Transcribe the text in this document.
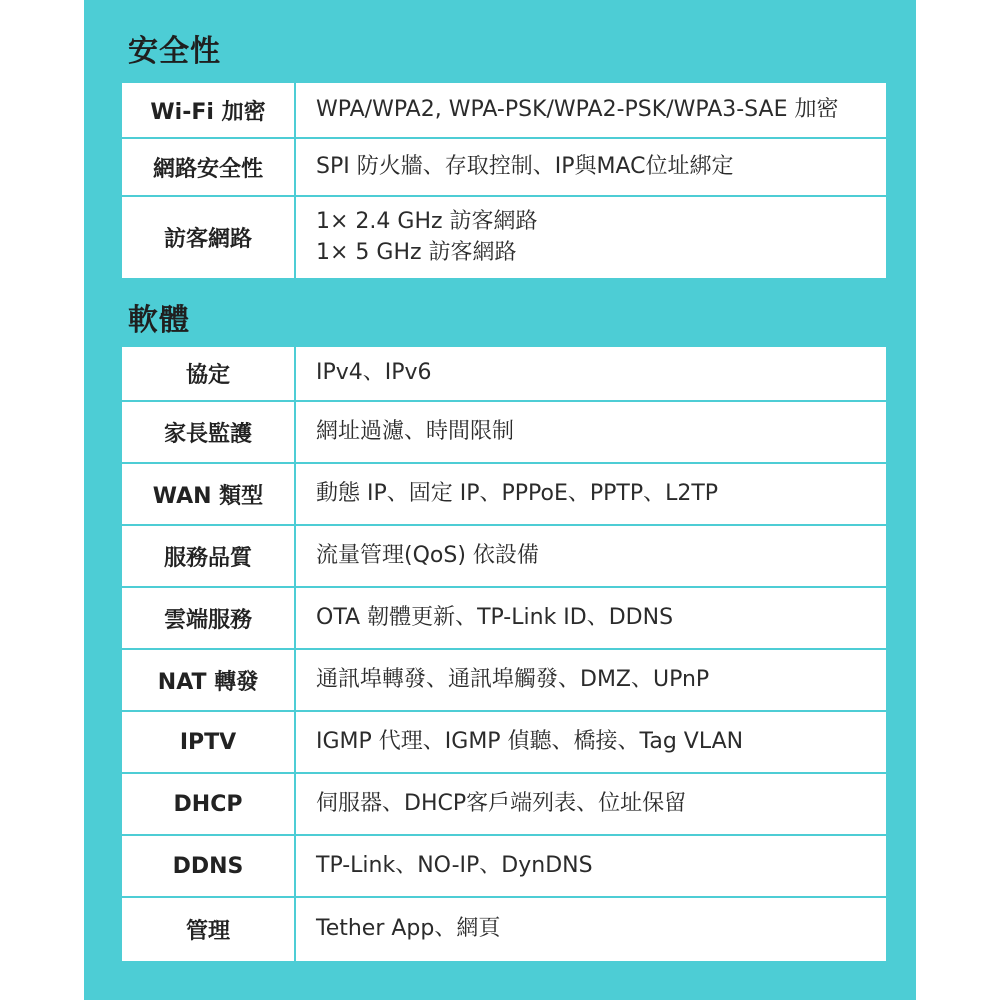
安全性
Wi-Fi 加密	WPA/WPA2, WPA-PSK/WPA2-PSK/WPA3-SAE 加密
網路安全性	SPI 防火牆、存取控制、IP與MAC位址綁定
訪客網路	1× 2.4 GHz 訪客網路
1× 5 GHz 訪客網路
軟體
協定	IPv4、IPv6
家長監護	網址過濾、時間限制
WAN 類型	動態 IP、固定 IP、PPPoE、PPTP、L2TP
服務品質	流量管理(QoS) 依設備
雲端服務	OTA 韌體更新、TP-Link ID、DDNS
NAT 轉發	通訊埠轉發、通訊埠觸發、DMZ、UPnP
IPTV	IGMP 代理、IGMP 偵聽、橋接、Tag VLAN
DHCP	伺服器、DHCP客戶端列表、位址保留
DDNS	TP-Link、NO-IP、DynDNS
管理	Tether App、網頁
